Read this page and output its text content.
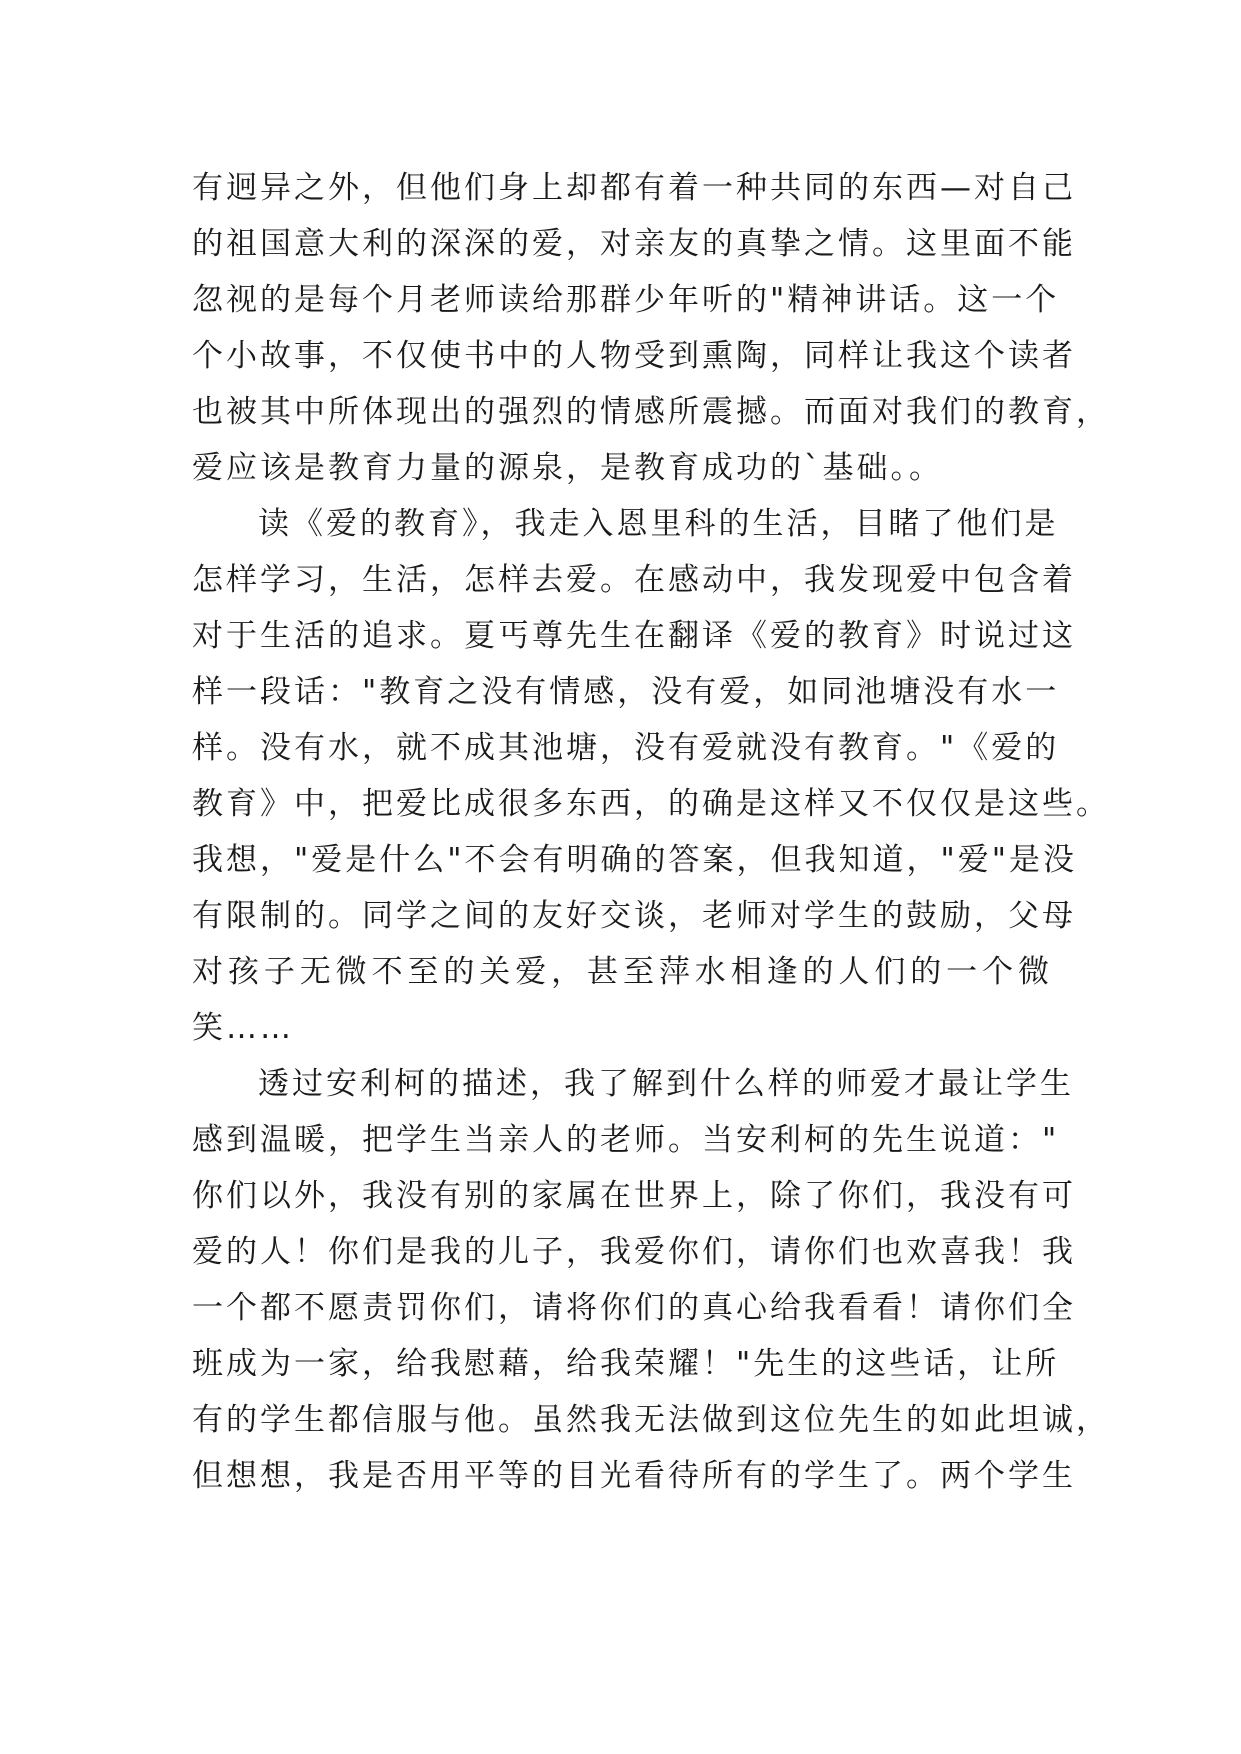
有迥异之外，但他们身上却都有着一种共同的东西—对自己
的祖国意大利的深深的爱，对亲友的真挚之情。这里面不能
忽视的是每个月老师读给那群少年听的"精神讲话。这一个
个小故事，不仅使书中的人物受到熏陶，同样让我这个读者
也被其中所体现出的强烈的情感所震撼。而面对我们的教育，
爱应该是教育力量的源泉，是教育成功的`基础。。
读《爱的教育》，我走入恩里科的生活，目睹了他们是
怎样学习，生活，怎样去爱。在感动中，我发现爱中包含着
对于生活的追求。夏丐尊先生在翻译《爱的教育》时说过这
样一段话："教育之没有情感，没有爱，如同池塘没有水一
样。没有水，就不成其池塘，没有爱就没有教育。"《爱的
教育》中，把爱比成很多东西，的确是这样又不仅仅是这些。
我想，"爱是什么"不会有明确的答案，但我知道，"爱"是没
有限制的。同学之间的友好交谈，老师对学生的鼓励，父母
对孩子无微不至的关爱，甚至萍水相逢的人们的一个微
笑……
透过安利柯的描述，我了解到什么样的师爱才最让学生
感到温暖，把学生当亲人的老师。当安利柯的先生说道："
你们以外，我没有别的家属在世界上，除了你们，我没有可
爱的人！你们是我的儿子，我爱你们，请你们也欢喜我！我
一个都不愿责罚你们，请将你们的真心给我看看！请你们全
班成为一家，给我慰藉，给我荣耀！"先生的这些话，让所
有的学生都信服与他。虽然我无法做到这位先生的如此坦诚，
但想想，我是否用平等的目光看待所有的学生了。两个学生
